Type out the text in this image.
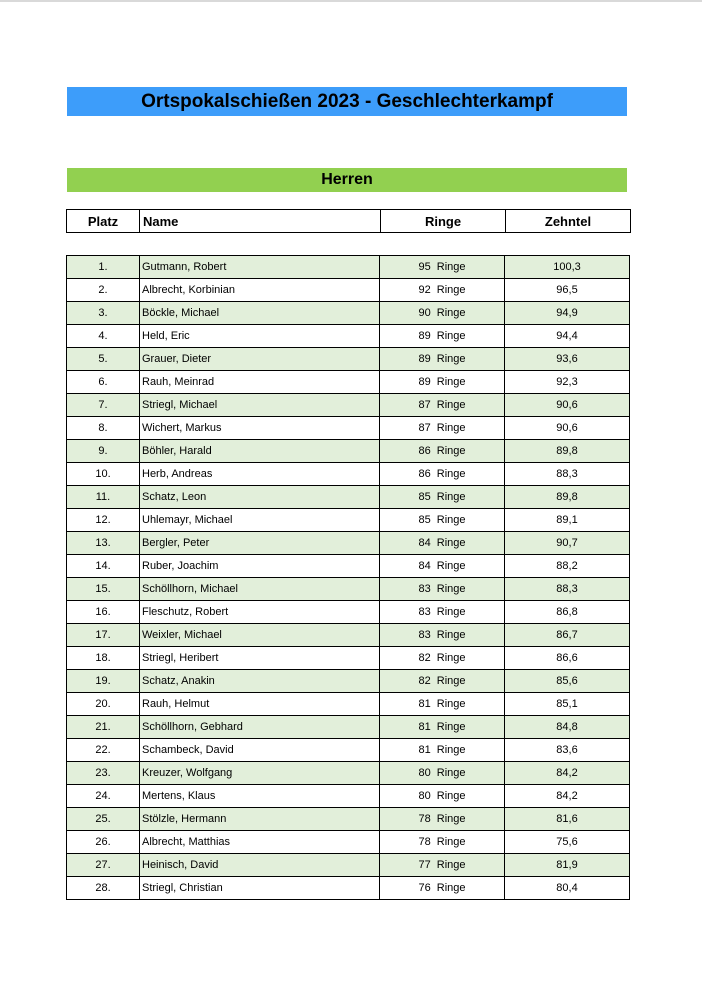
Ortspokalschießen 2023 - Geschlechterkampf
Herren
Platz	Name	Ringe	Zehntel
1.	Gutmann, Robert	95 Ringe	100,3
2.	Albrecht, Korbinian	92 Ringe	96,5
3.	Böckle, Michael	90 Ringe	94,9
4.	Held, Eric	89 Ringe	94,4
5.	Grauer, Dieter	89 Ringe	93,6
6.	Rauh, Meinrad	89 Ringe	92,3
7.	Striegl, Michael	87 Ringe	90,6
8.	Wichert, Markus	87 Ringe	90,6
9.	Böhler, Harald	86 Ringe	89,8
10.	Herb, Andreas	86 Ringe	88,3
11.	Schatz, Leon	85 Ringe	89,8
12.	Uhlemayr, Michael	85 Ringe	89,1
13.	Bergler, Peter	84 Ringe	90,7
14.	Ruber, Joachim	84 Ringe	88,2
15.	Schöllhorn, Michael	83 Ringe	88,3
16.	Fleschutz, Robert	83 Ringe	86,8
17.	Weixler, Michael	83 Ringe	86,7
18.	Striegl, Heribert	82 Ringe	86,6
19.	Schatz, Anakin	82 Ringe	85,6
20.	Rauh, Helmut	81 Ringe	85,1
21.	Schöllhorn, Gebhard	81 Ringe	84,8
22.	Schambeck, David	81 Ringe	83,6
23.	Kreuzer, Wolfgang	80 Ringe	84,2
24.	Mertens, Klaus	80 Ringe	84,2
25.	Stölzle, Hermann	78 Ringe	81,6
26.	Albrecht, Matthias	78 Ringe	75,6
27.	Heinisch, David	77 Ringe	81,9
28.	Striegl, Christian	76 Ringe	80,4
